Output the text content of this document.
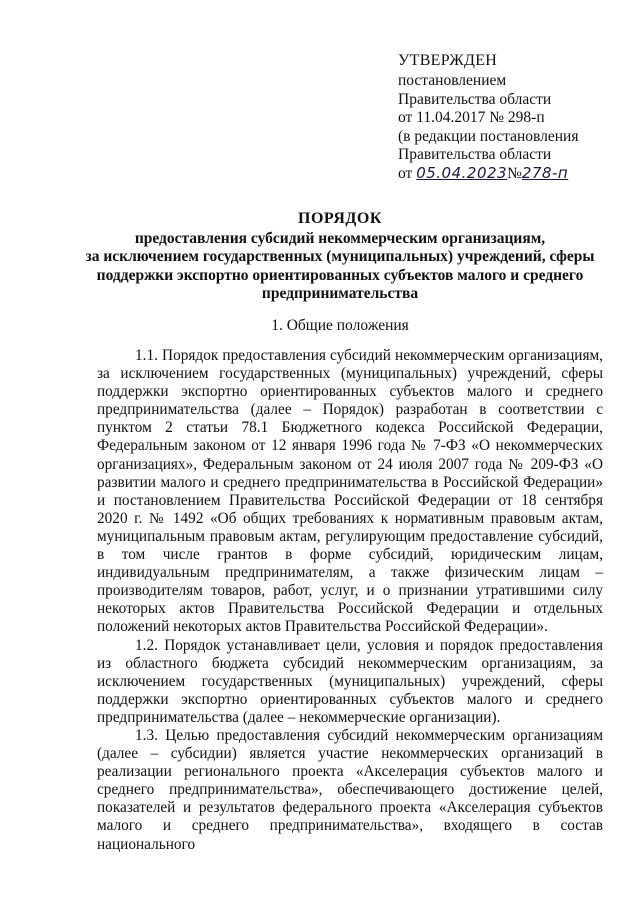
УТВЕРЖДЕН
постановлением
Правительства области
от 11.04.2017 № 298-п
(в редакции постановления
Правительства области
от 05.04.2023№278-п
ПОРЯДОК
предоставления субсидий некоммерческим организациям,
за исключением государственных (муниципальных) учреждений, сферы
поддержки экспортно ориентированных субъектов малого и среднего
предпринимательства
1. Общие положения

1.1. Порядок предоставления субсидий некоммерческим организациям, за исключением государственных (муниципальных) учреждений, сферы поддержки экспортно ориентированных субъектов малого и среднего предпринимательства (далее – Порядок) разработан в соответствии с пунктом 2 статьи 78.1 Бюджетного кодекса Российской Федерации, Федеральным законом от 12 января 1996 года № 7-ФЗ «О некоммерческих организациях», Федеральным законом от 24 июля 2007 года № 209-ФЗ «О развитии малого и среднего предпринимательства в Российской Федерации» и постановлением Правительства Российской Федерации от 18 сентября 2020 г. № 1492 «Об общих требованиях к нормативным правовым актам, муниципальным правовым актам, регулирующим предоставление субсидий, в том числе грантов в форме субсидий, юридическим лицам, индивидуальным предпринимателям, а также физическим лицам – производителям товаров, работ, услуг, и о признании утратившими силу некоторых актов Правительства Российской Федерации и отдельных положений некоторых актов Правительства Российской Федерации».

1.2. Порядок устанавливает цели, условия и порядок предоставления из областного бюджета субсидий некоммерческим организациям, за исключением государственных (муниципальных) учреждений, сферы поддержки экспортно ориентированных субъектов малого и среднего предпринимательства (далее – некоммерческие организации).

1.3. Целью предоставления субсидий некоммерческим организациям (далее – субсидии) является участие некоммерческих организаций в реализации регионального проекта «Акселерация субъектов малого и среднего предпринимательства», обеспечивающего достижение целей, показателей и результатов федерального проекта «Акселерация субъектов малого и среднего предпринимательства», входящего в состав национального
